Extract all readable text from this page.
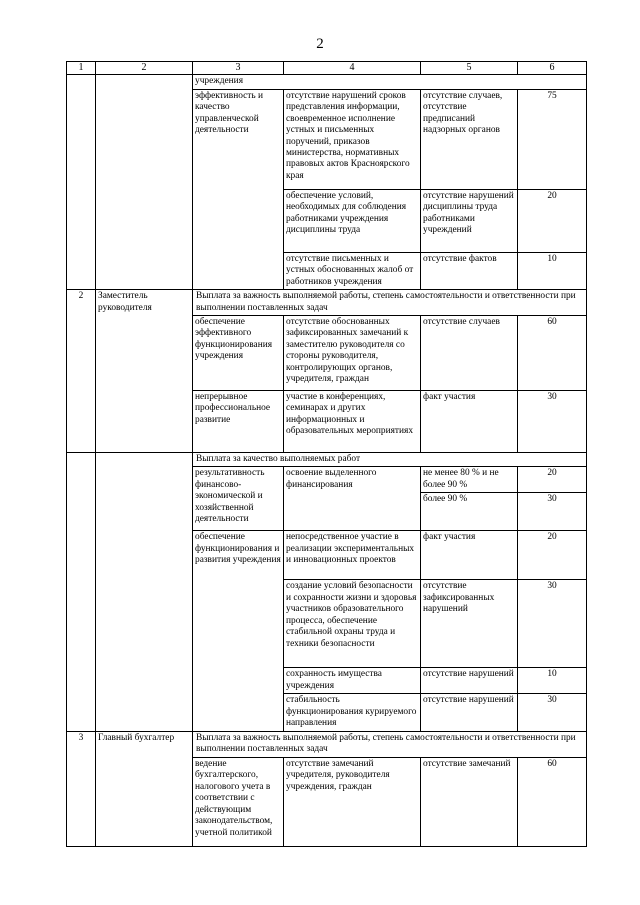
2
1	2	3	4	5	6
		учреждения			
		эффективность и качество управленческой деятельности	отсутствие нарушений сроков представления информации, своевременное исполнение устных и письменных поручений, приказов министерства, нормативных правовых актов Красноярского края	отсутствие случаев, отсутствие предписаний надзорных органов	75
			обеспечение условий, необходимых для соблюдения работниками учреждения дисциплины труда	отсутствие нарушений дисциплины труда работниками учреждений	20
			отсутствие письменных и устных обоснованных жалоб от работников учреждения	отсутствие фактов	10
2	Заместитель руководителя	Выплата за важность выполняемой работы, степень самостоятельности и ответственности при выполнении поставленных задач			
		обеспечение эффективного функционирования учреждения	отсутствие обоснованных зафиксированных замечаний к заместителю руководителя со стороны руководителя, контролирующих органов, учредителя, граждан	отсутствие случаев	60
		непрерывное профессиональное развитие	участие в конференциях, семинарах и других информационных и образовательных мероприятиях	факт участия	30
		Выплата за качество выполняемых работ			
		результативность финансово-экономической и хозяйственной деятельности	освоение выделенного финансирования	не менее 80 % и не более 90 %	20
				более 90 %	30
		обеспечение функционирования и развития учреждения	непосредственное участие в реализации экспериментальных и инновационных проектов	факт участия	20
			создание условий безопасности и сохранности жизни и здоровья участников образовательного процесса, обеспечение стабильной охраны труда и техники безопасности	отсутствие зафиксированных нарушений	30
			сохранность имущества учреждения	отсутствие нарушений	10
			стабильность функционирования курируемого направления	отсутствие нарушений	30
3	Главный бухгалтер	Выплата за важность выполняемой работы, степень самостоятельности и ответственности при выполнении поставленных задач			
		ведение бухгалтерского, налогового учета в соответствии с действующим законодательством, учетной политикой	отсутствие замечаний учредителя, руководителя учреждения, граждан	отсутствие замечаний	60
